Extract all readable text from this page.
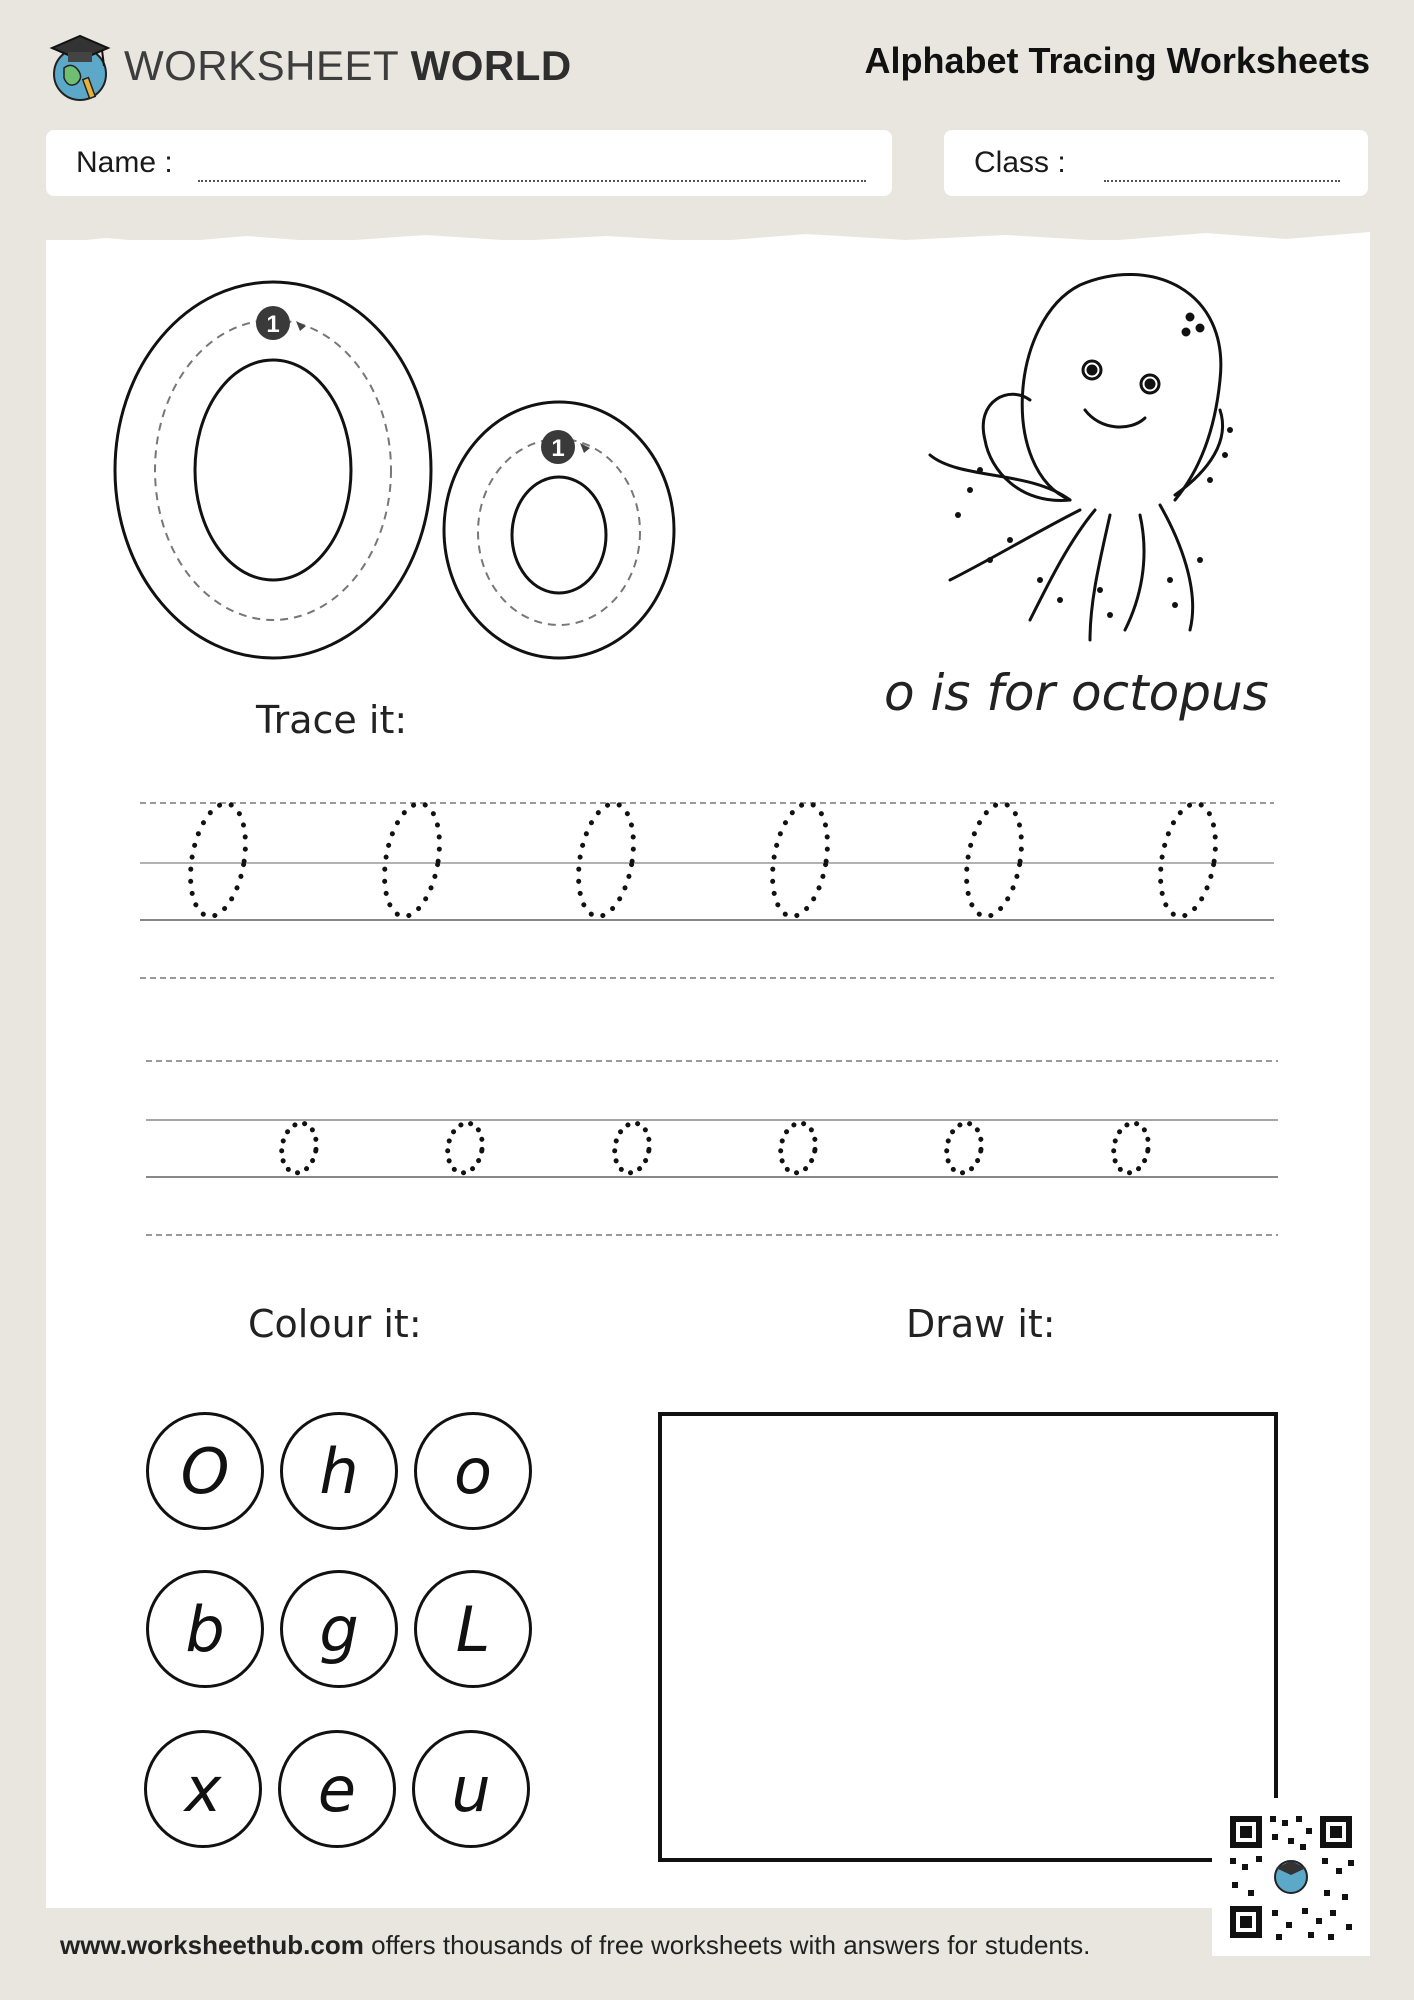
WORKSHEET WORLD	Alphabet Tracing Worksheets
Name :	Class :
1
1
o is for octopus
Trace it:
Colour it:	Draw it:
O	h	o
b	g	L
x	e	u
www.worksheethub.com offers thousands of free worksheets with answers for students.
